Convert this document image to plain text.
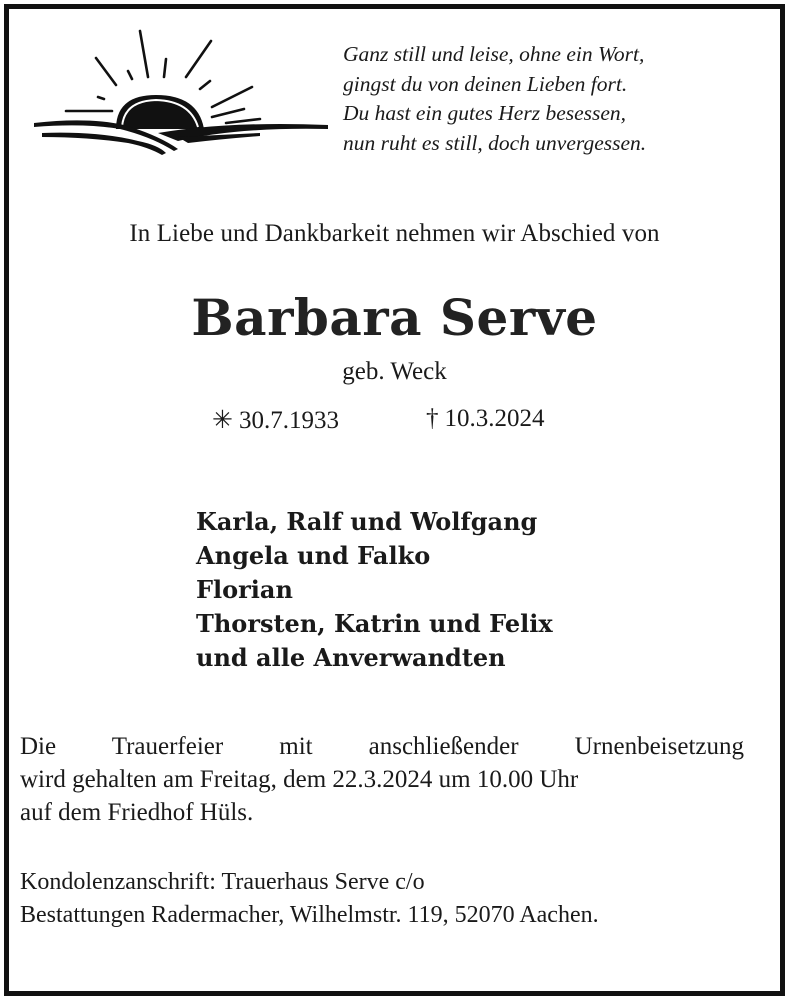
Ganz still und leise, ohne ein Wort,
gingst du von deinen Lieben fort.
Du hast ein gutes Herz besessen,
nun ruht es still, doch unvergessen.
In Liebe und Dankbarkeit nehmen wir Abschied von
Barbara Serve
geb. Weck
✳ 30.7.1933	† 10.3.2024
Karla, Ralf und Wolfgang
Angela und Falko
Florian
Thorsten, Katrin und Felix
und alle Anverwandten
Die Trauerfeier mit anschließender Urnenbeisetzung
wird gehalten am Freitag, dem 22.3.2024 um 10.00 Uhr
auf dem Friedhof Hüls.
Kondolenzanschrift: Trauerhaus Serve c/o
Bestattungen Radermacher, Wilhelmstr. 119, 52070 Aachen.
